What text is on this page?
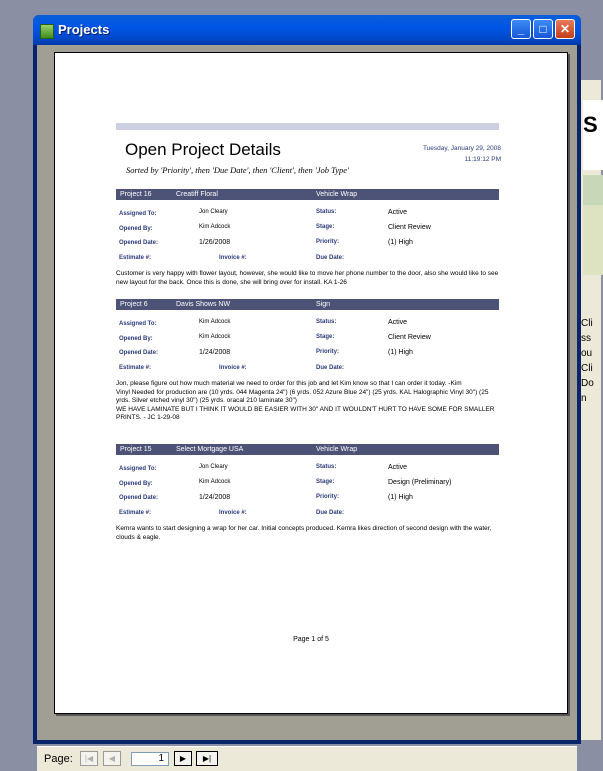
S
Cli
ss
ou
Cli
Do
n
Projects	_	□	✕
Open Project Details	Tuesday, January 29, 2008
11:19:12 PM
Sorted by 'Priority', then 'Due Date', then 'Client', then 'Job Type'
Project 16	Creatiff Floral	Vehicle Wrap
Assigned To:	Jon Cleary	Status:	Active
Opened By:	Kim Adcock	Stage:	Client Review
Opened Date:	1/26/2008	Priority:	(1) High
Estimate #:	Invoice #:	Due Date:
Customer is very happy with flower layout, however, she would like to move her phone number to the door, also she would like to see new layout for the back. Once this is done, she will bring over for install. KA 1-26
Project 6	Davis Shows NW	Sign
Assigned To:	Kim Adcock	Status:	Active
Opened By:	Kim Adcock	Stage:	Client Review
Opened Date:	1/24/2008	Priority:	(1) High
Estimate #:	Invoice #:	Due Date:
Jon, please figure out how much material we need to order for this job and let Kim know so that I can order it today. -Kim
Vinyl Needed for production are (10 yrds. 044 Magenta 24") (6 yrds. 052 Azure Blue 24") (25 yrds. KAL Halographic Vinyl 30") (25 yrds. Silver etched vinyl 30") (25 yrds. oracal 210 laminate 30")
WE HAVE LAMINATE BUT I THINK IT WOULD BE EASIER WITH 30" AND IT WOULDN'T HURT TO HAVE SOME FOR SMALLER PRINTS. - JC 1-29-08
Project 15	Select Mortgage USA	Vehicle Wrap
Assigned To:	Jon Cleary	Status:	Active
Opened By:	Kim Adcock	Stage:	Design (Preliminary)
Opened Date:	1/24/2008	Priority:	(1) High
Estimate #:	Invoice #:	Due Date:
Kemra wants to start designing a wrap for her car. Initial concepts produced. Kemra likes direction of second design with the water, clouds & eagle.
Page 1 of 5
Page:	|◀	◀	1	▶	▶|
